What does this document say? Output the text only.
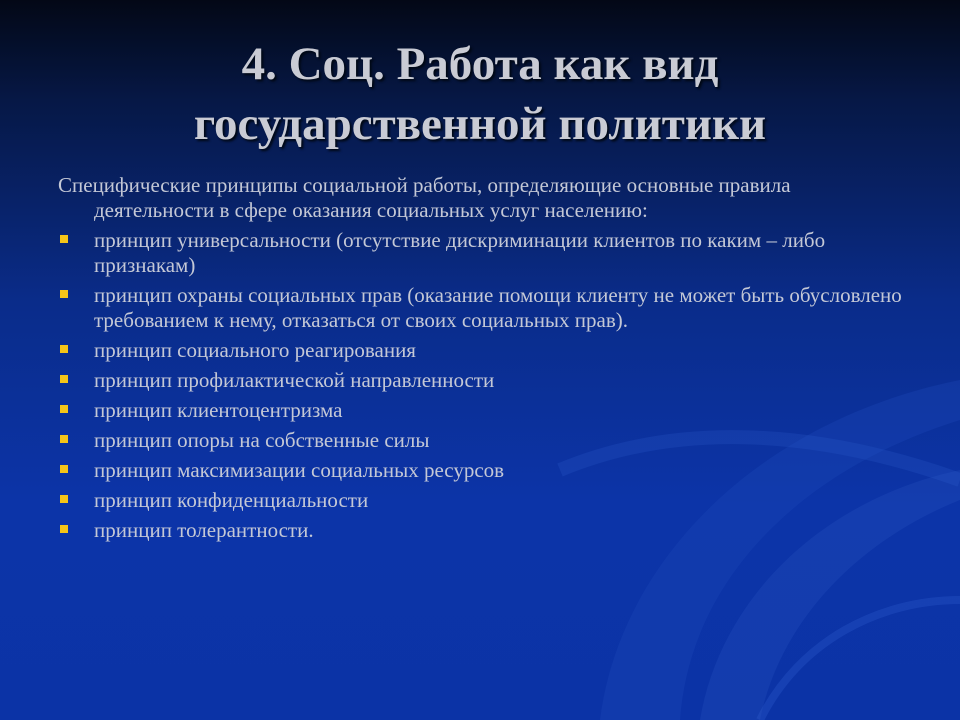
4. Соц. Работа как вид
государственной политики
Специфические принципы социальной работы, определяющие основные правила деятельности в сфере оказания социальных услуг населению:
принцип универсальности (отсутствие дискриминации клиентов по каким – либо признакам)
принцип охраны социальных прав (оказание помощи клиенту не может быть обусловлено требованием к нему, отказаться от своих социальных прав).
принцип социального реагирования
принцип профилактической направленности
принцип клиентоцентризма
принцип опоры на собственные силы
принцип максимизации социальных ресурсов
принцип конфиденциальности
принцип толерантности.
